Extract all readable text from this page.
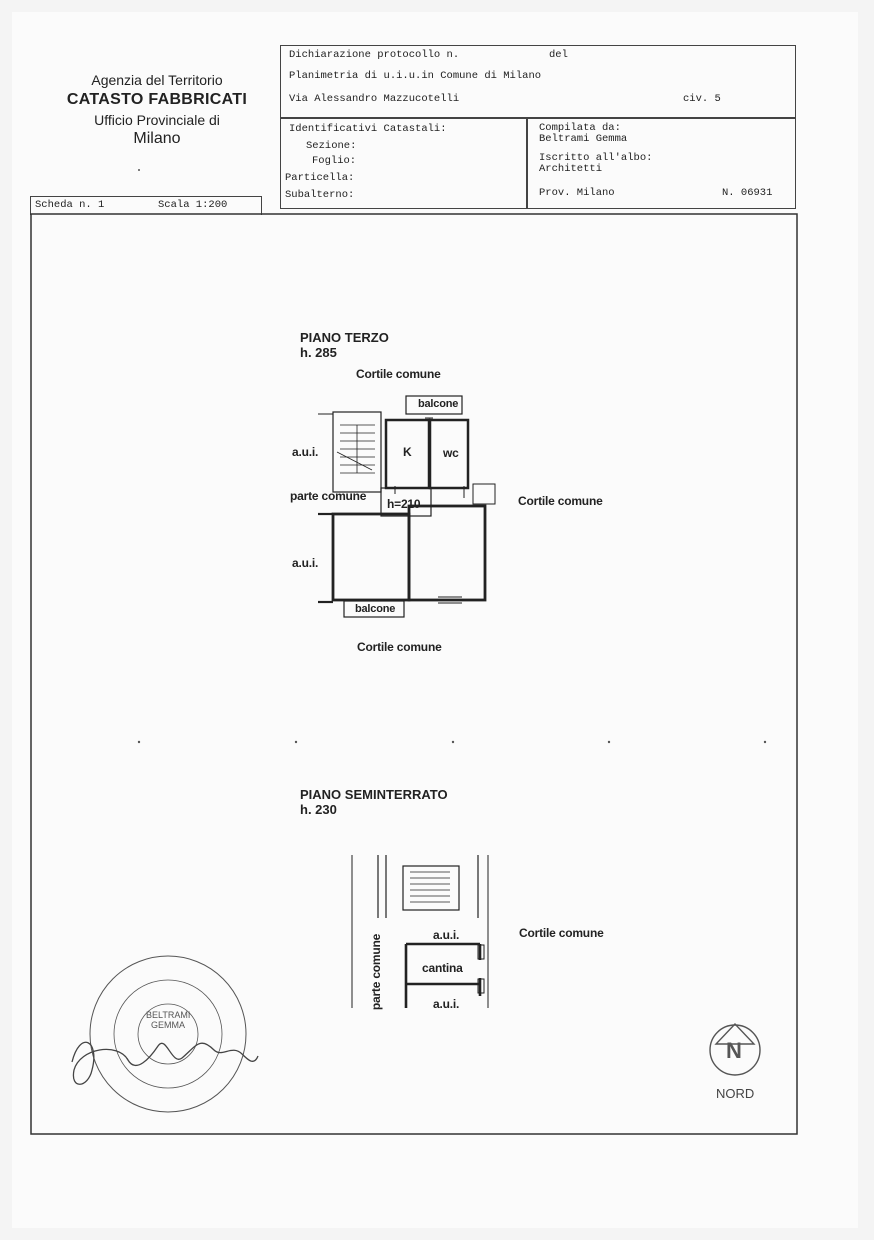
Agenzia del Territorio
CATASTO FABBRICATI
Ufficio Provinciale di
Milano
Dichiarazione protocollo n.	del
Planimetria di u.i.u.in Comune di Milano
Via Alessandro Mazzucotelli	civ. 5
Identificativi Catastali:
Sezione:
Foglio:
Particella:
Subalterno:
Compilata da:
Beltrami Gemma
Iscritto all'albo:
Architetti
Prov. Milano	N. 06931
Scheda n. 1	Scala 1:200
BELTRAMI
GEMMA
N
NORD
PIANO TERZO
h. 285
Cortile comune
balcone
K	wc
a.u.i.
parte comune
h=210	Cortile comune
a.u.i.
balcone
Cortile comune
PIANO SEMINTERRATO
h. 230
a.u.i.
cantina
a.u.i.
Cortile comune
parte comune
